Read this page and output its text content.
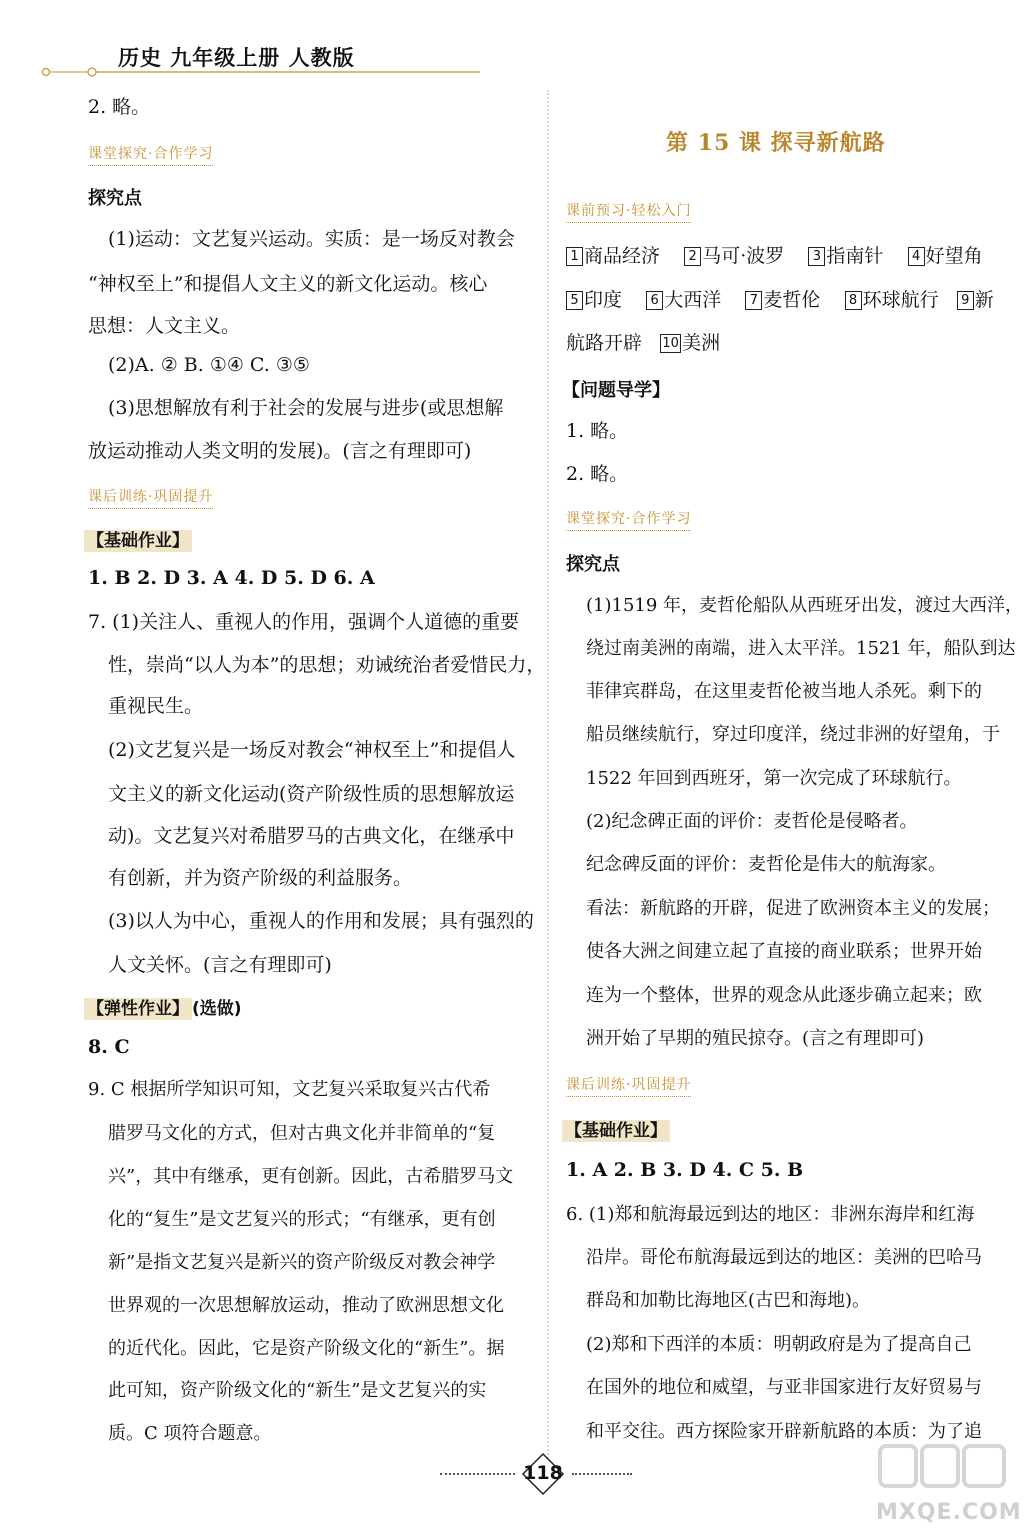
历史 九年级上册 人教版
2. 略。
课堂探究·合作学习
探究点
(1)运动：文艺复兴运动。实质：是一场反对教会
“神权至上”和提倡人文主义的新文化运动。核心
思想：人文主义。
(2)A. ② B. ①④ C. ③⑤
(3)思想解放有利于社会的发展与进步(或思想解
放运动推动人类文明的发展)。(言之有理即可)
课后训练·巩固提升
【基础作业】
1. B 2. D 3. A 4. D 5. D 6. A
7. (1)关注人、重视人的作用，强调个人道德的重要
性，崇尚“以人为本”的思想；劝诫统治者爱惜民力，
重视民生。
(2)文艺复兴是一场反对教会“神权至上”和提倡人
文主义的新文化运动(资产阶级性质的思想解放运
动)。文艺复兴对希腊罗马的古典文化，在继承中
有创新，并为资产阶级的利益服务。
(3)以人为中心，重视人的作用和发展；具有强烈的
人文关怀。(言之有理即可)
【弹性作业】 (选做)
8. C
9. C 根据所学知识可知，文艺复兴采取复兴古代希
腊罗马文化的方式，但对古典文化并非简单的“复
兴”，其中有继承，更有创新。因此，古希腊罗马文
化的“复生”是文艺复兴的形式；“有继承，更有创
新”是指文艺复兴是新兴的资产阶级反对教会神学
世界观的一次思想解放运动，推动了欧洲思想文化
的近代化。因此，它是资产阶级文化的“新生”。据
此可知，资产阶级文化的“新生”是文艺复兴的实
质。C 项符合题意。
第 15 课 探寻新航路
课前预习·轻松入门
1 商品经济 2 马可·波罗 3 指南针 4 好望角
5 印度 6 大西洋 7 麦哲伦 8 环球航行 9 新
航路开辟 10 美洲
【问题导学】
1. 略。
2. 略。
课堂探究·合作学习
探究点
(1)1519 年，麦哲伦船队从西班牙出发，渡过大西洋，
绕过南美洲的南端，进入太平洋。1521 年，船队到达
菲律宾群岛，在这里麦哲伦被当地人杀死。剩下的
船员继续航行，穿过印度洋，绕过非洲的好望角，于
1522 年回到西班牙，第一次完成了环球航行。
(2)纪念碑正面的评价：麦哲伦是侵略者。
纪念碑反面的评价：麦哲伦是伟大的航海家。
看法：新航路的开辟，促进了欧洲资本主义的发展；
使各大洲之间建立起了直接的商业联系；世界开始
连为一个整体，世界的观念从此逐步确立起来；欧
洲开始了早期的殖民掠夺。(言之有理即可)
课后训练·巩固提升
【基础作业】
1. A 2. B 3. D 4. C 5. B
6. (1)郑和航海最远到达的地区：非洲东海岸和红海
沿岸。哥伦布航海最远到达的地区：美洲的巴哈马
群岛和加勒比海地区(古巴和海地)。
(2)郑和下西洋的本质：明朝政府是为了提高自己
在国外的地位和威望，与亚非国家进行友好贸易与
和平交往。西方探险家开辟新航路的本质：为了追
118
MXQE.COM
